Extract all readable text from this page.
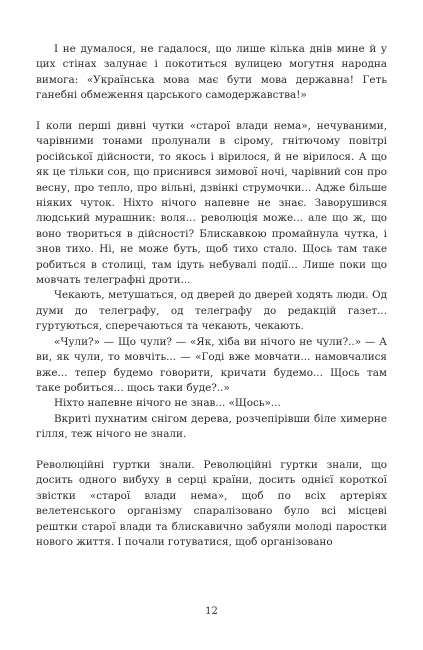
І не думалося, не гадалося, що лише кілька днів мине й у цих стінах залунає і покотиться вулицею могутня народна вимога: «Українська мова має бути мова державна! Геть ганебні обмеження царського самодержавства!»

І коли перші дивні чутки «старої влади нема», нечуваними, чарівними тонами пролунали в сірому, гнітючому повітрі російської дійсности, то якось і вірилося, й не вірилося. А що як це тільки сон, що приснився зимової ночі, чарівний сон про весну, про тепло, про вільні, дзвінкі струмочки... Адже більше ніяких чуток. Ніхто нічого напевне не знає. Заворушився людський мурашник: воля... революція може... але що ж, що воно твориться в дійсності? Блискавкою промайнула чутка, і знов тихо. Ні, не може буть, щоб тихо стало. Щось там таке робиться в столиці, там ідуть небувалі події... Лише поки що мовчать телеграфні дроти...

Чекають, метушаться, од дверей до дверей ходять люди. Од думи до телеграфу, од телеграфу до редакцій газет... гуртуються, сперечаються та чекають, чекають.

«Чули?» — Що чули? — «Як, хіба ви нічого не чули?..» — А ви, як чули, то мовчіть... — «Годі вже мовчати... намовчалися вже... тепер будемо говорити, кричати будемо... Щось там таке робиться... щось таки буде?..»

Ніхто напевне нічого не знав... «Щось»...

Вкриті пухнатим снігом дерева, розчепірівши біле химерне гілля, теж нічого не знали.

Революційні гуртки знали. Революційні гуртки знали, що досить одного вибуху в серці країни, досить однієї короткої звістки «старої влади нема», щоб по всіх артеріях велетенського організму спаралізовано було всі місцеві рештки старої влади та блискавично забуяли молоді паростки нового життя. І почали готуватися, щоб організовано

12
